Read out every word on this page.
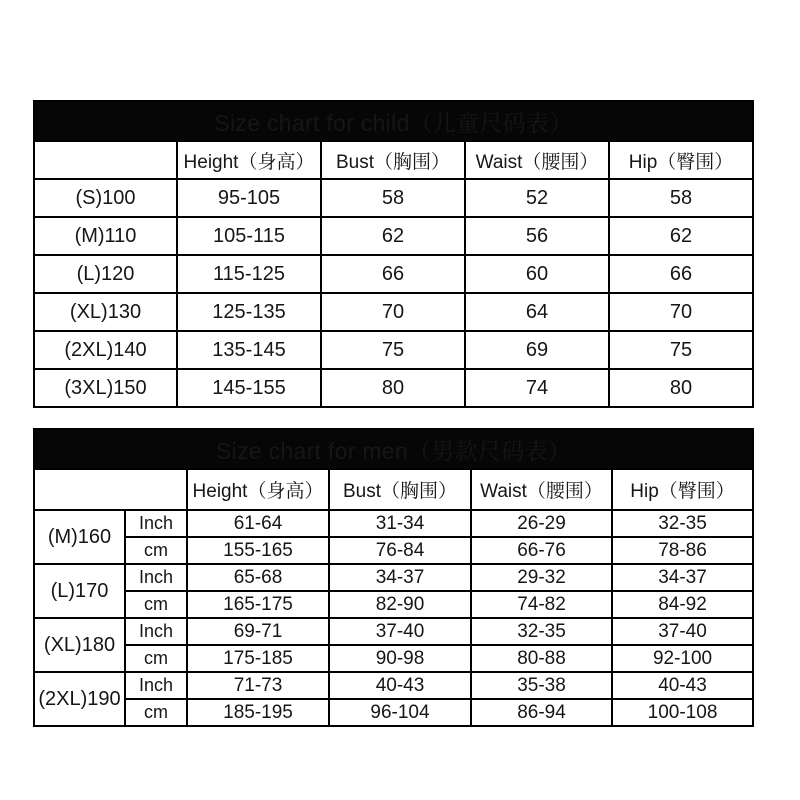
Size chart for child（儿童尺码表）				
	Height（身高）	Bust（胸围）	Waist（腰围）	Hip（臀围）
(S)100	95-105	58	52	58
(M)110	105-115	62	56	62
(L)120	115-125	66	60	66
(XL)130	125-135	70	64	70
(2XL)140	135-145	75	69	75
(3XL)150	145-155	80	74	80
Size chart for men（男款尺码表）					
		Height（身高）	Bust（胸围）	Waist（腰围）	Hip（臀围）
(M)160	Inch	61-64	31-34	26-29	32-35
	cm	155-165	76-84	66-76	78-86
(L)170	Inch	65-68	34-37	29-32	34-37
	cm	165-175	82-90	74-82	84-92
(XL)180	Inch	69-71	37-40	32-35	37-40
	cm	175-185	90-98	80-88	92-100
(2XL)190	Inch	71-73	40-43	35-38	40-43
	cm	185-195	96-104	86-94	100-108
